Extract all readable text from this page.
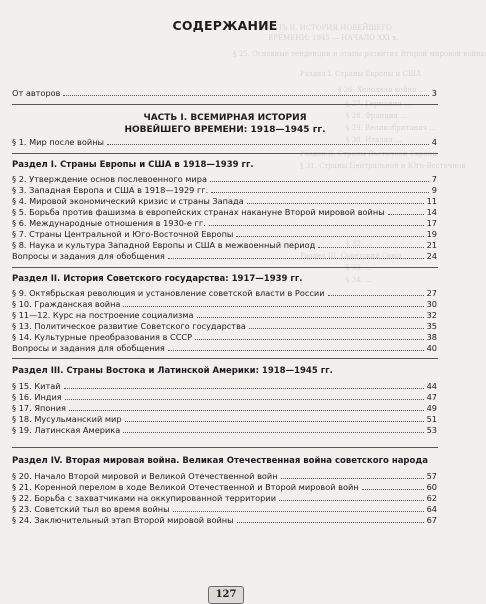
ЧАСТЬ II. ИСТОРИЯ НОВЕЙШЕГО
ВРЕМЕНИ: 1945 — НАЧАЛО XXI в.
§ 25. Основные тенденции и этапы развития Второй мировой войны
Раздел I. Страны Европы и США
§ 26. Холодная война ...
§ 27. Германия ...
§ 28. Франция ...
§ 29. Великобритания ...
§ 30. Италия ...
Раздел II. Страны Восточной Европы
§ 31. Страны Центральной и Юго-Восточной
§ 32. ...
Раздел III. Советский Союз
§ 33. ...
§ 34. ...
СОДЕРЖАНИЕ
От авторов	3
ЧАСТЬ I. ВСЕМИРНАЯ ИСТОРИЯ
НОВЕЙШЕГО ВРЕМЕНИ: 1918—1945 гг.
§ 1. Мир после войны	4
Раздел I. Страны Европы и США в 1918—1939 гг.
§ 2. Утверждение основ послевоенного мира	7
§ 3. Западная Европа и США в 1918—1929 гг.	9
§ 4. Мировой экономический кризис и страны Запада	11
§ 5. Борьба против фашизма в европейских странах накануне Второй мировой войны	14
§ 6. Международные отношения в 1930-е гг.	17
§ 7. Страны Центральной и Юго-Восточной Европы	19
§ 8. Наука и культура Западной Европы и США в межвоенный период	21
Вопросы и задания для обобщения	24
Раздел II. История Советского государства: 1917—1939 гг.
§ 9. Октябрьская революция и установление советской власти в России	27
§ 10. Гражданская война	30
§ 11—12. Курс на построение социализма	32
§ 13. Политическое развитие Советского государства	35
§ 14. Культурные преобразования в СССР	38
Вопросы и задания для обобщения	40
Раздел III. Страны Востока и Латинской Америки: 1918—1945 гг.
§ 15. Китай	44
§ 16. Индия	47
§ 17. Япония	49
§ 18. Мусульманский мир	51
§ 19. Латинская Америка	53
Раздел IV. Вторая мировая война. Великая Отечественная война советского народа
§ 20. Начало Второй мировой и Великой Отечественной войн	57
§ 21. Коренной перелом в ходе Великой Отечественной и Второй мировой войн	60
§ 22. Борьба с захватчиками на оккупированной территории	62
§ 23. Советский тыл во время войны	64
§ 24. Заключительный этап Второй мировой войны	67
127
